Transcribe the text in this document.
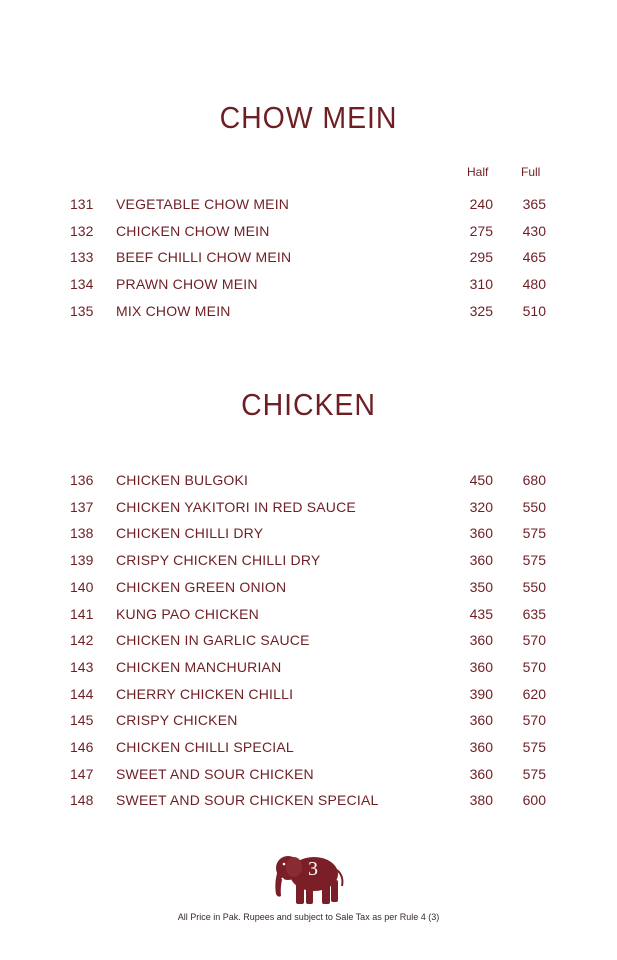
CHOW MEIN
Half	Full
131 VEGETABLE CHOW MEIN	240 365
132 CHICKEN CHOW MEIN	275 430
133 BEEF CHILLI CHOW MEIN	295 465
134 PRAWN CHOW MEIN	310 480
135 MIX CHOW MEIN	325 510
CHICKEN
136 CHICKEN BULGOKI	450 680
137 CHICKEN YAKITORI IN RED SAUCE	320 550
138 CHICKEN CHILLI DRY	360 575
139 CRISPY CHICKEN CHILLI DRY	360 575
140 CHICKEN GREEN ONION	350 550
141 KUNG PAO CHICKEN	435 635
142 CHICKEN IN GARLIC SAUCE	360 570
143 CHICKEN MANCHURIAN	360 570
144 CHERRY CHICKEN CHILLI	390 620
145 CRISPY CHICKEN	360 570
146 CHICKEN CHILLI SPECIAL	360 575
147 SWEET AND SOUR CHICKEN	360 575
148 SWEET AND SOUR CHICKEN SPECIAL	380 600
3
All Price in Pak. Rupees and subject to Sale Tax as per Rule 4 (3)
